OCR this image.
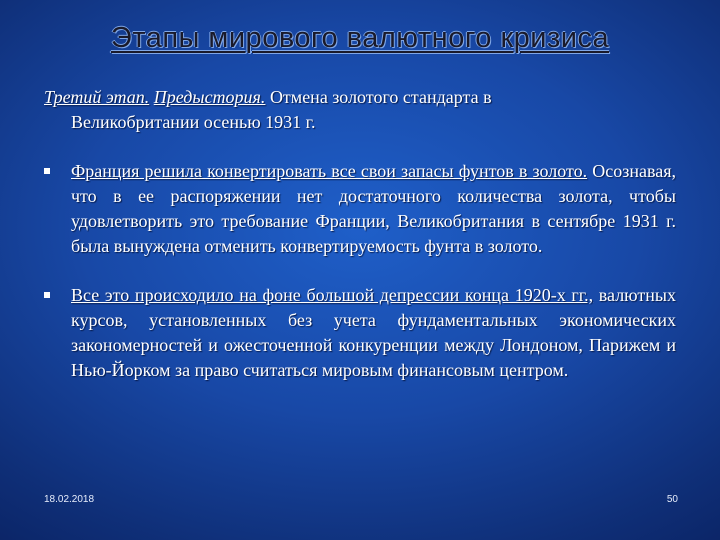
Этапы мирового валютного кризиса
Третий этап. Предыстория. Отмена золотого стандарта в
Великобритании осенью 1931 г.
Франция решила конвертировать все свои запасы фунтов в золото. Осознавая, что в ее распоряжении нет достаточного количества золота, чтобы удовлетворить это требование Франции, Великобритания в сентябре 1931 г. была вынуждена отменить конвертируемость фунта в золото.
Все это происходило на фоне большой депрессии конца 1920-х гг., валютных курсов, установленных без учета фундаментальных экономических закономерностей и ожесточенной конкуренции между Лондоном, Парижем и Нью-Йорком за право считаться мировым финансовым центром.
18.02.2018	50
